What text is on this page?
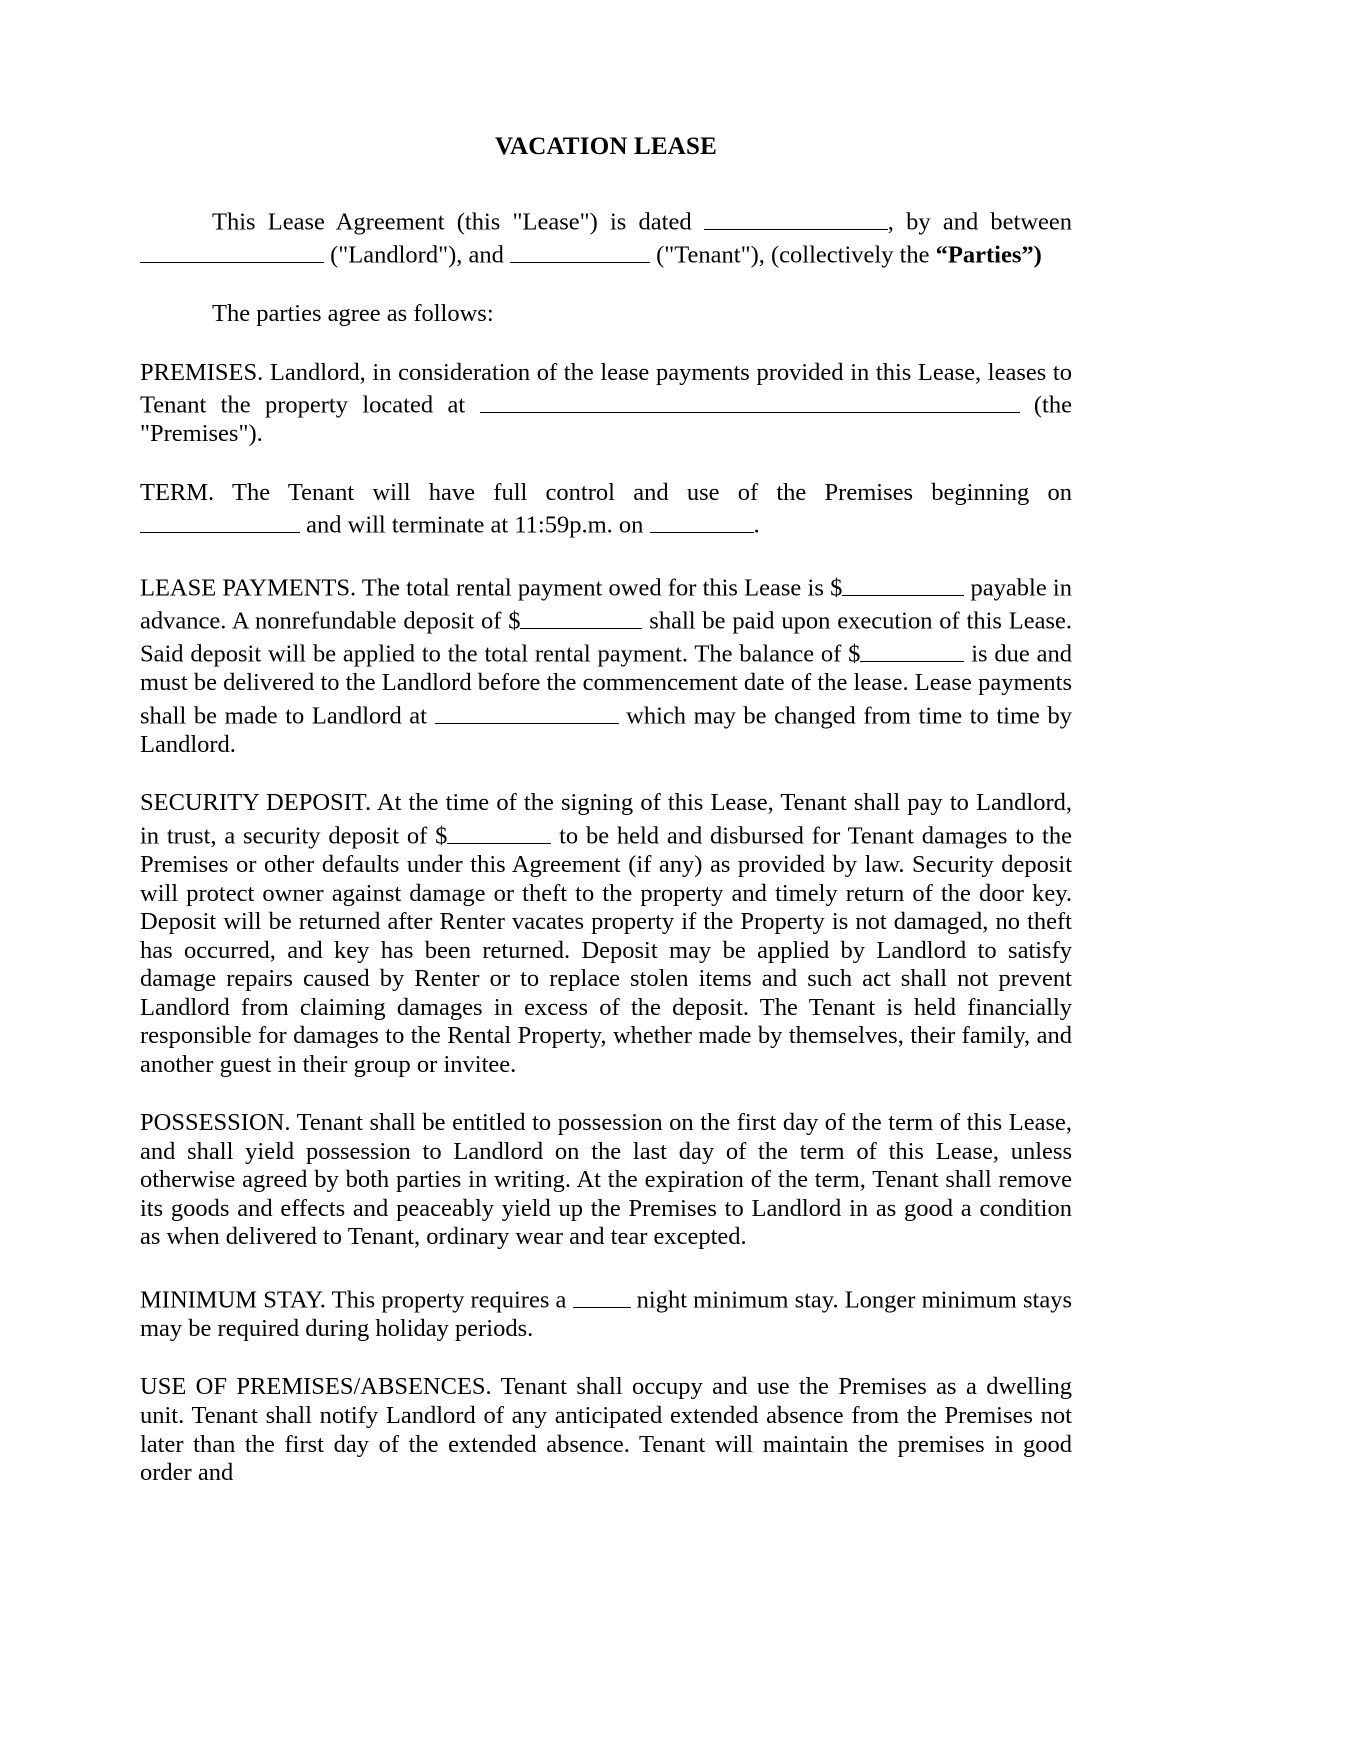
VACATION LEASE

This Lease Agreement (this "Lease") is dated	, by and between  ("Landlord"), and	("Tenant"), (collectively the “Parties”)

The parties agree as follows:

PREMISES. Landlord, in consideration of the lease payments provided in this Lease, leases to Tenant the property located at	(the "Premises").

TERM. The Tenant will have full control and use of the Premises beginning on  and will terminate at 11:59p.m. on	.

LEASE PAYMENTS. The total rental payment owed for this Lease is $	payable in advance. A nonrefundable deposit of $	shall be paid upon execution of this Lease. Said deposit will be applied to the total rental payment. The balance of $	is due and must be delivered to the Landlord before the commencement date of the lease. Lease payments shall be made to Landlord at	which may be changed from time to time by Landlord.

SECURITY DEPOSIT. At the time of the signing of this Lease, Tenant shall pay to Landlord, in trust, a security deposit of $	to be held and disbursed for Tenant damages to the Premises or other defaults under this Agreement (if any) as provided by law. Security deposit will protect owner against damage or theft to the property and timely return of the door key. Deposit will be returned after Renter vacates property if the Property is not damaged, no theft has occurred, and key has been returned. Deposit may be applied by Landlord to satisfy damage repairs caused by Renter or to replace stolen items and such act shall not prevent Landlord from claiming damages in excess of the deposit. The Tenant is held financially responsible for damages to the Rental Property, whether made by themselves, their family, and another guest in their group or invitee.

POSSESSION. Tenant shall be entitled to possession on the first day of the term of this Lease, and shall yield possession to Landlord on the last day of the term of this Lease, unless otherwise agreed by both parties in writing. At the expiration of the term, Tenant shall remove its goods and effects and peaceably yield up the Premises to Landlord in as good a condition as when delivered to Tenant, ordinary wear and tear excepted.

MINIMUM STAY. This property requires a  night minimum stay. Longer minimum stays may be required during holiday periods.

USE OF PREMISES/ABSENCES. Tenant shall occupy and use the Premises as a dwelling unit. Tenant shall notify Landlord of any anticipated extended absence from the Premises not later than the first day of the extended absence. Tenant will maintain the premises in good order and
